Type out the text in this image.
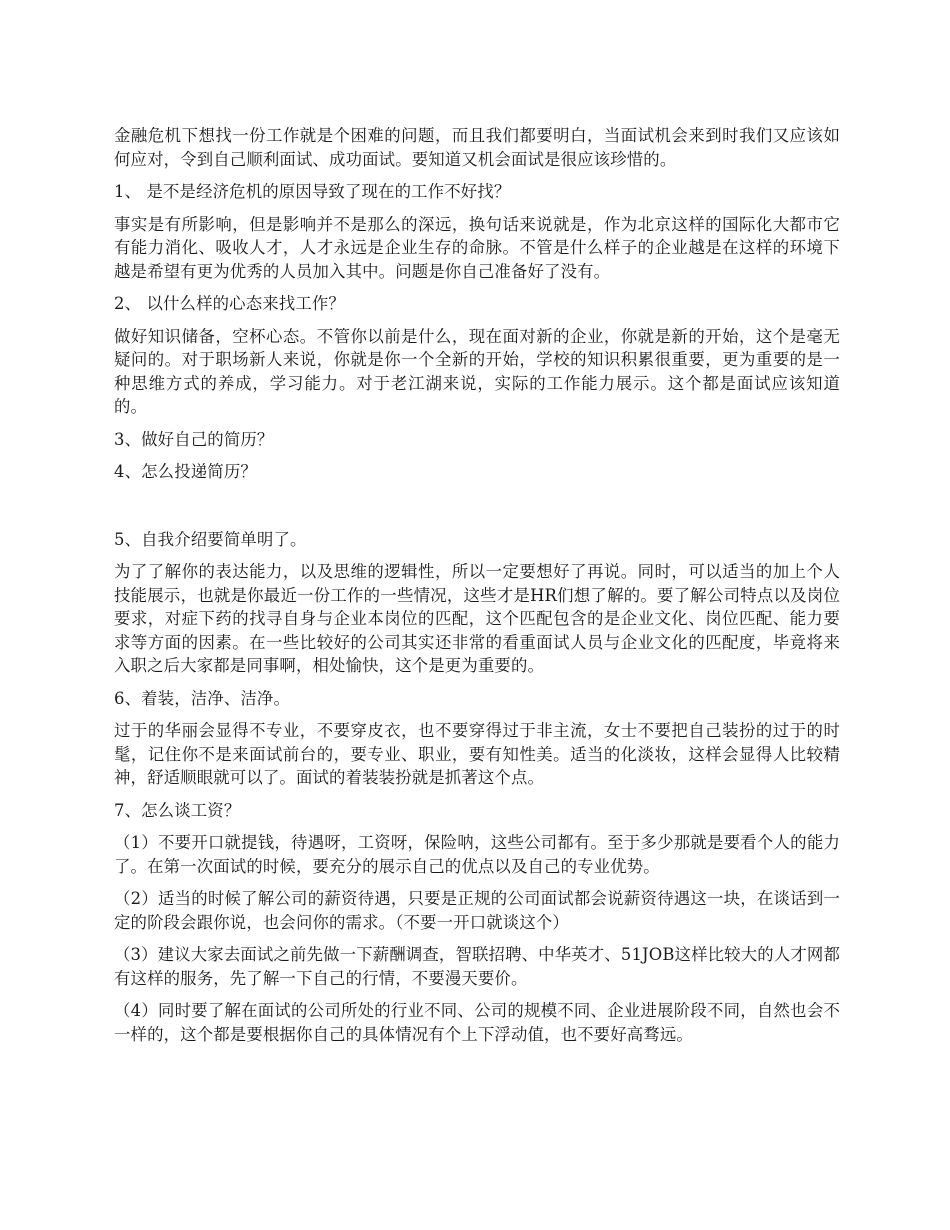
金融危机下想找一份工作就是个困难的问题，而且我们都要明白，当面试机会来到时我们又应该如何应对，令到自己顺利面试、成功面试。要知道又机会面试是很应该珍惜的。

1、 是不是经济危机的原因导致了现在的工作不好找？

事实是有所影响，但是影响并不是那么的深远，换句话来说就是，作为北京这样的国际化大都市它有能力消化、吸收人才，人才永远是企业生存的命脉。不管是什么样子的企业越是在这样的环境下越是希望有更为优秀的人员加入其中。问题是你自己准备好了没有。

2、 以什么样的心态来找工作？

做好知识储备，空杯心态。不管你以前是什么，现在面对新的企业，你就是新的开始，这个是毫无疑问的。对于职场新人来说，你就是你一个全新的开始，学校的知识积累很重要，更为重要的是一种思维方式的养成，学习能力。对于老江湖来说，实际的工作能力展示。这个都是面试应该知道的。

3、做好自己的简历？

4、怎么投递简历？

5、自我介绍要简单明了。

为了了解你的表达能力，以及思维的逻辑性，所以一定要想好了再说。同时，可以适当的加上个人技能展示，也就是你最近一份工作的一些情况，这些才是HR们想了解的。要了解公司特点以及岗位要求，对症下药的找寻自身与企业本岗位的匹配，这个匹配包含的是企业文化、岗位匹配、能力要求等方面的因素。在一些比较好的公司其实还非常的看重面试人员与企业文化的匹配度，毕竟将来入职之后大家都是同事啊，相处愉快，这个是更为重要的。

6、着装，洁净、洁净。

过于的华丽会显得不专业，不要穿皮衣，也不要穿得过于非主流，女士不要把自己装扮的过于的时髦，记住你不是来面试前台的，要专业、职业，要有知性美。适当的化淡妆，这样会显得人比较精神，舒适顺眼就可以了。面试的着装装扮就是抓著这个点。

7、怎么谈工资？

（1）不要开口就提钱，待遇呀，工资呀，保险呐，这些公司都有。至于多少那就是要看个人的能力了。在第一次面试的时候，要充分的展示自己的优点以及自己的专业优势。

（2）适当的时候了解公司的薪资待遇，只要是正规的公司面试都会说薪资待遇这一块，在谈话到一定的阶段会跟你说，也会问你的需求。（不要一开口就谈这个）

（3）建议大家去面试之前先做一下薪酬调查，智联招聘、中华英才、51JOB这样比较大的人才网都有这样的服务，先了解一下自己的行情，不要漫天要价。

（4）同时要了解在面试的公司所处的行业不同、公司的规模不同、企业进展阶段不同，自然也会不一样的，这个都是要根据你自己的具体情况有个上下浮动值，也不要好高骛远。
